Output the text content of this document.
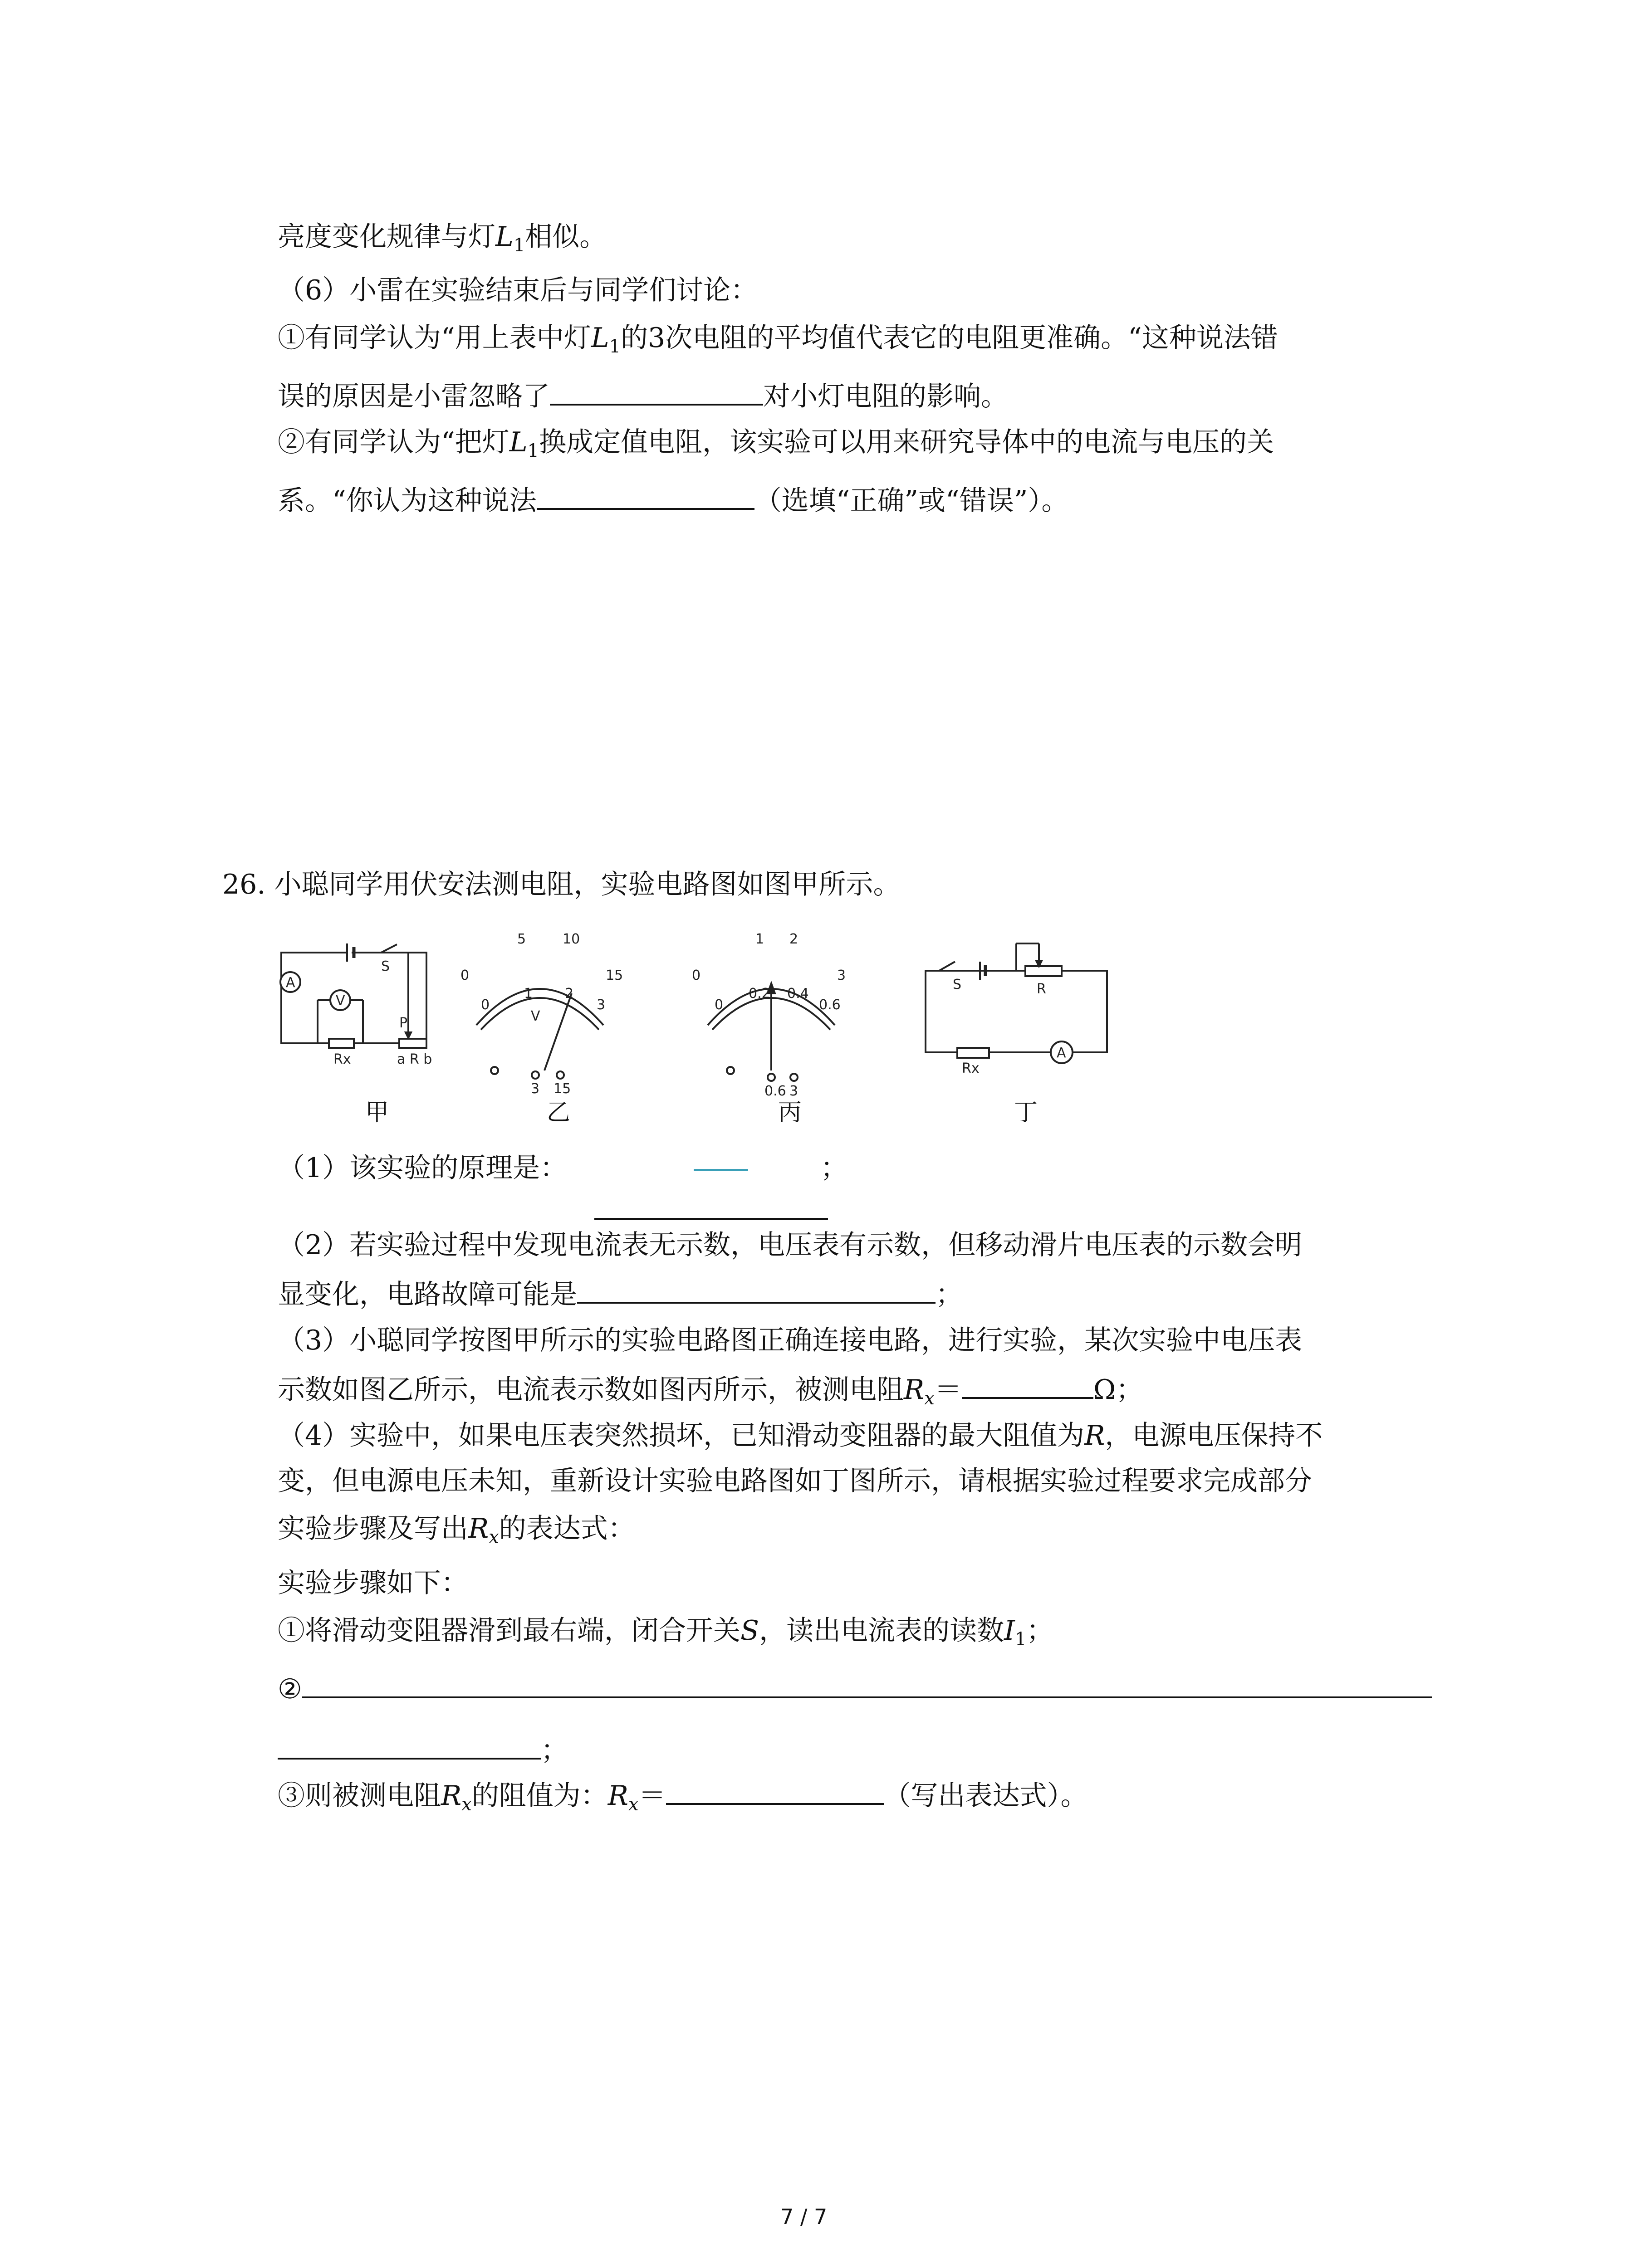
亮度变化规律与灯$L_1$相似。
（6）小雷在实验结束后与同学们讨论：
①有同学认为“用上表中灯$L_1$的3次电阻的平均值代表它的电阻更准确。“这种说法错
误的原因是小雷忽略了	对小灯电阻的影响。
②有同学认为“把灯$L_1$换成定值电阻，该实验可以用来研究导体中的电流与电压的关
系。“你认为这种说法	（选填“正确”或“错误”）。
26. 小聪同学用伏安法测电阻，实验电路图如图甲所示。
A
V
S
P
Rx	a R b
5	10
0	15
1 2
0	3
V
3 15
1 2
0	3
0.2 0.4
0	0.6
0.6 3
S	R
Rx
A
甲	乙	丙	丁
（1）该实验的原理是：	；
（2）若实验过程中发现电流表无示数，电压表有示数，但移动滑片电压表的示数会明
显变化，电路故障可能是	；
（3）小聪同学按图甲所示的实验电路图正确连接电路，进行实验，某次实验中电压表
示数如图乙所示，电流表示数如图丙所示，被测电阻$R_x=$	Ω；
（4）实验中，如果电压表突然损坏，已知滑动变阻器的最大阻值为R，电源电压保持不
变，但电源电压未知，重新设计实验电路图如丁图所示，请根据实验过程要求完成部分
实验步骤及写出$R_x$的表达式：
实验步骤如下：
①将滑动变阻器滑到最右端，闭合开关S，读出电流表的读数$I_1$；
②
；
③则被测电阻$R_x$的阻值为：$R_x=$	（写出表达式）。
7 / 7
